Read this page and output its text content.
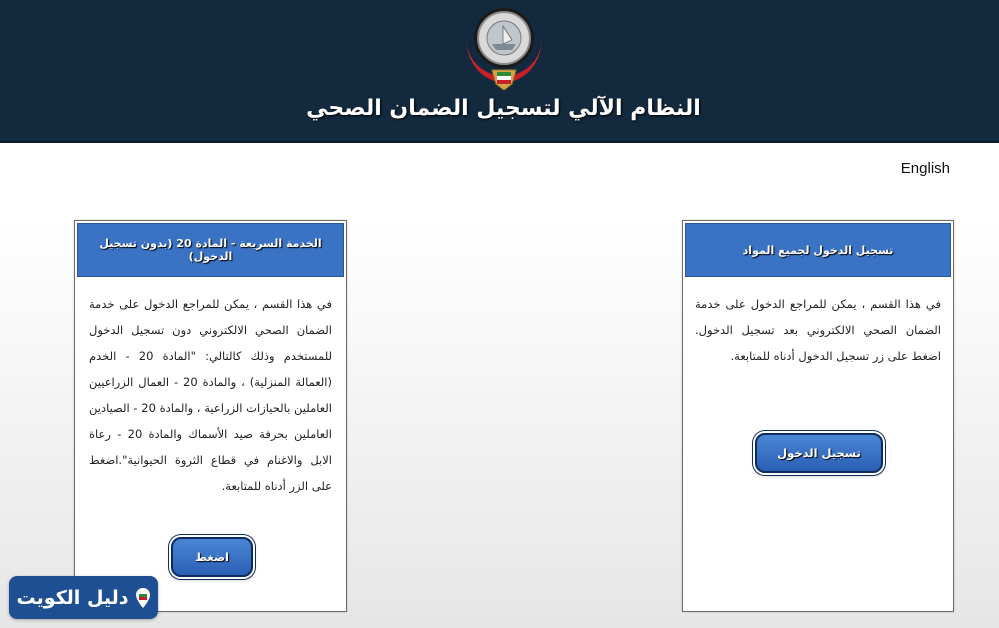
النظام الآلي لتسجيل الضمان الصحي
English
الخدمة السريعة - المادة 20 (بدون تسجيل الدخول)
في هذا القسم ، يمكن للمراجع الدخول على خدمة الضمان الصحي الالكتروني دون تسجيل الدخول للمستخدم وذلك كالتالي: "المادة 20 - الخدم (العمالة المنزلية) ، والمادة 20 - العمال الزراعيين العاملين بالحيازات الزراعية ، والمادة 20 - الصيادين العاملين بحرفة صيد الأسماك والمادة 20 - رعاة الابل والاغنام في قطاع الثروة الحيوانية".اضغط على الزر أدناه للمتابعة.
اضغط
تسجيل الدخول لجميع المواد
في هذا القسم ، يمكن للمراجع الدخول على خدمة الضمان الصحي الالكتروني بعد تسجيل الدخول. اضغط على زر تسجيل الدخول أدناه للمتابعة.
تسجيل الدخول
دليل الكويت
